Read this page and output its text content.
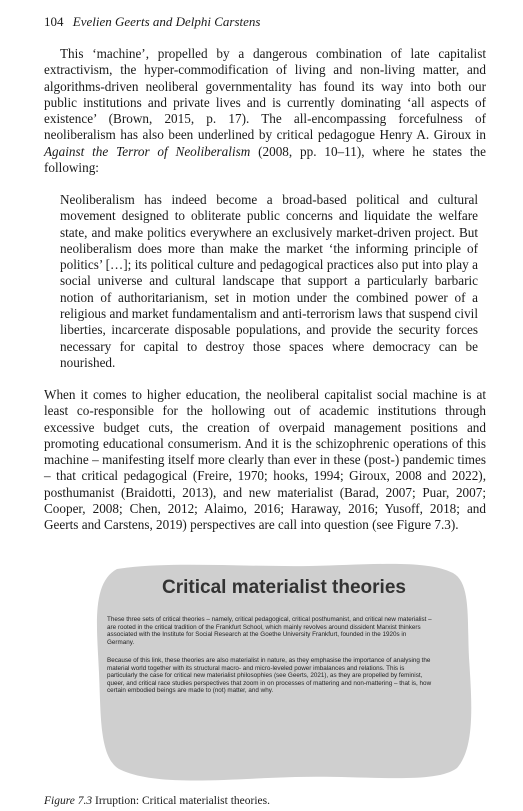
104 Evelien Geerts and Delphi Carstens

This ‘machine’, propelled by a dangerous combination of late capitalist extractivism, the hyper-commodification of living and non-living matter, and algorithms-driven neoliberal governmentality has found its way into both our public institutions and private lives and is currently dominating ‘all aspects of existence’ (Brown, 2015, p. 17). The all-encompassing forcefulness of neoliberalism has also been underlined by critical pedagogue Henry A. Giroux in Against the Terror of Neoliberalism (2008, pp. 10–11), where he states the following:

Neoliberalism has indeed become a broad-based political and cultural movement designed to obliterate public concerns and liquidate the welfare state, and make politics everywhere an exclusively market-driven project. But neoliberalism does more than make the market ‘the informing principle of politics’ […]; its political culture and pedagogical practices also put into play a social universe and cultural landscape that support a particularly barbaric notion of authoritarianism, set in motion under the combined power of a religious and market fundamentalism and anti-terrorism laws that suspend civil liberties, incarcerate disposable populations, and provide the security forces necessary for capital to destroy those spaces where democracy can be nourished.

When it comes to higher education, the neoliberal capitalist social machine is at least co-responsible for the hollowing out of academic institutions through excessive budget cuts, the creation of overpaid management positions and promoting educational consumerism. And it is the schizophrenic operations of this machine – manifesting itself more clearly than ever in these (post-) pandemic times – that critical pedagogical (Freire, 1970; hooks, 1994; Giroux, 2008 and 2022), posthumanist (Braidotti, 2013), and new materialist (Barad, 2007; Puar, 2007; Cooper, 2008; Chen, 2012; Alaimo, 2016; Haraway, 2016; Yusoff, 2018; and Geerts and Carstens, 2019) perspectives are call into question (see Figure 7.3).

Critical materialist theories
These three sets of critical theories – namely, critical pedagogical, critical posthumanist, and critical new materialist – are rooted in the critical tradition of the Frankfurt School, which mainly revolves around dissident Marxist thinkers associated with the Institute for Social Research at the Goethe University Frankfurt, founded in the 1920s in Germany.
Because of this link, these theories are also materialist in nature, as they emphasise the importance of analysing the material world together with its structural macro- and micro-leveled power imbalances and relations. This is particularly the case for critical new materialist philosophies (see Geerts, 2021), as they are propelled by feminist, queer, and critical race studies perspectives that zoom in on processes of mattering and non-mattering – that is, how certain embodied beings are made to (not) matter, and why.
Figure 7.3 Irruption: Critical materialist theories.
